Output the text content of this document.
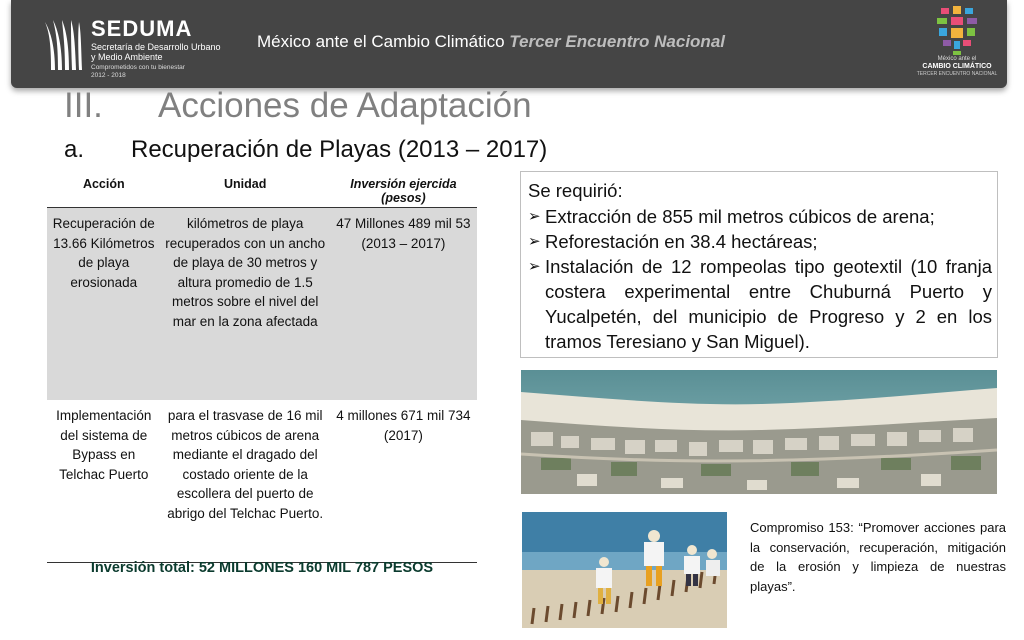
SEDUMA
Secretaría de Desarrollo Urbano
y Medio Ambiente
Comprometidos con tu bienestar
2012 - 2018
México ante el Cambio Climático Tercer Encuentro Nacional
México ante el
CAMBIO CLIMÁTICO
TERCER ENCUENTRO NACIONAL
III. Acciones de Adaptación
a. Recuperación de Playas (2013 – 2017)
Acción	Unidad	Inversión ejercida
(pesos)

Recuperación de 13.66 Kilómetros de playa erosionada	kilómetros de playa recuperados con un ancho de playa de 30 metros y altura promedio de 1.5 metros sobre el nivel del mar en la zona afectada	47 Millones 489 mil 53
(2013 – 2017)

Implementación del sistema de Bypass en Telchac Puerto	para el trasvase de 16 mil metros cúbicos de arena mediante el dragado del costado oriente de la escollera del puerto de abrigo del Telchac Puerto.	4 millones 671 mil 734
(2017)
Inversión total: 52 MILLONES 160 MIL 787 PESOS
Se requirió:
➢ Extracción de 855 mil metros cúbicos de arena;
➢ Reforestación en 38.4 hectáreas;
➢ Instalación de 12 rompeolas tipo geotextil (10 franja costera experimental entre Chuburná Puerto y Yucalpetén, del municipio de Progreso y 2 en los tramos Teresiano y San Miguel).
Compromiso 153: “Promover acciones para la conservación, recuperación, mitigación de la erosión y limpieza de nuestras playas”.
